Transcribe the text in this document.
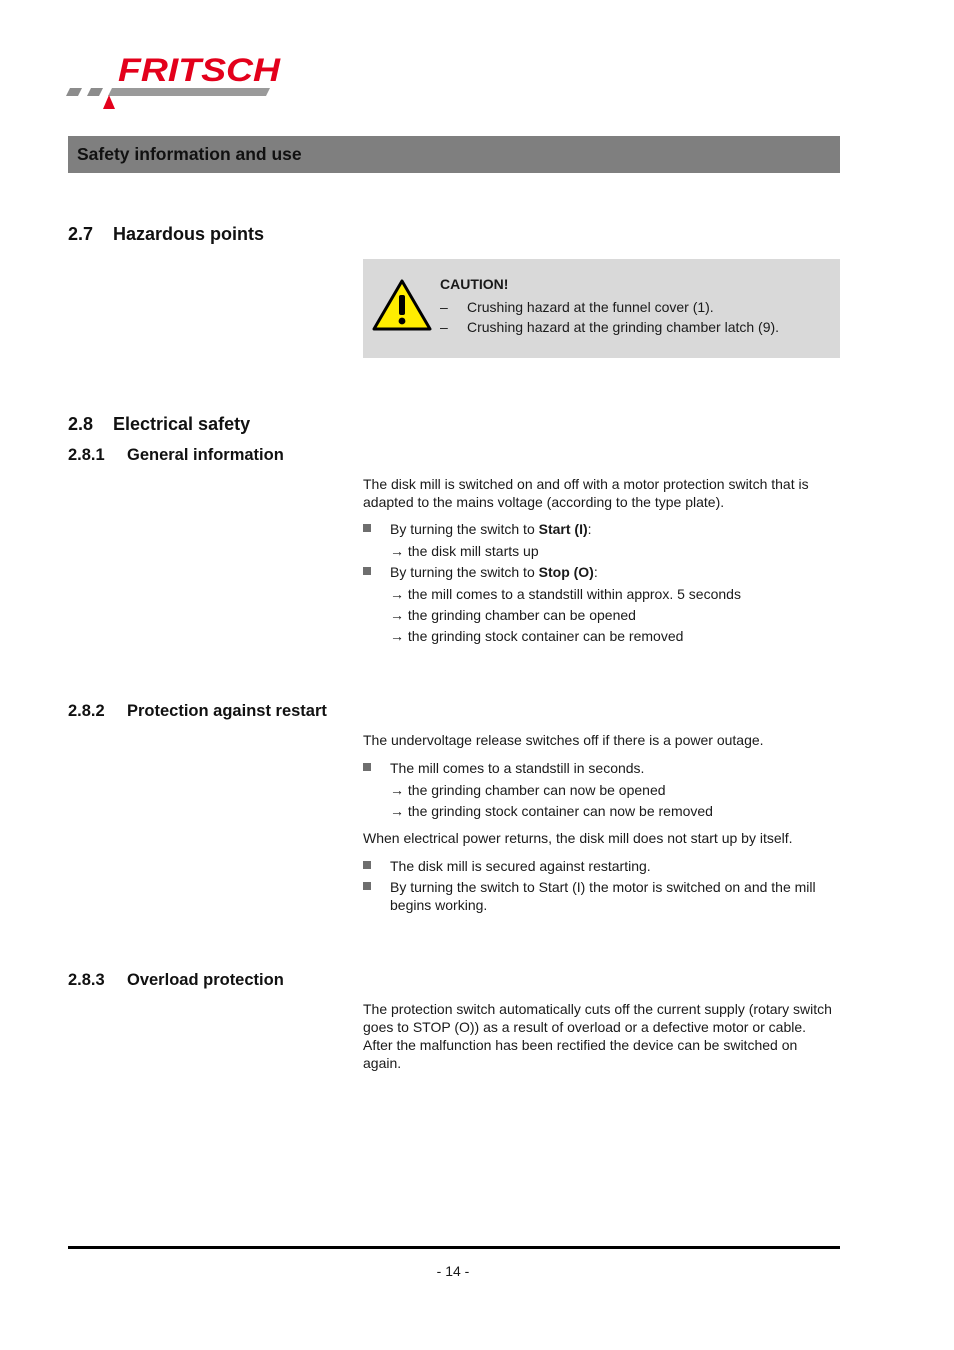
FRITSCH
Safety information and use
2.7 Hazardous points
CAUTION!
– Crushing hazard at the funnel cover (1).
– Crushing hazard at the grinding chamber latch (9).
2.8 Electrical safety
2.8.1 General information
The disk mill is switched on and off with a motor protection switch that is adapted to the mains voltage (according to the type plate).
By turning the switch to Start (I):
→ the disk mill starts up
By turning the switch to Stop (O):
→ the mill comes to a standstill within approx. 5 seconds
→ the grinding chamber can be opened
→ the grinding stock container can be removed
2.8.2 Protection against restart
The undervoltage release switches off if there is a power outage.
The mill comes to a standstill in seconds.
→ the grinding chamber can now be opened
→ the grinding stock container can now be removed
When electrical power returns, the disk mill does not start up by itself.
The disk mill is secured against restarting.
By turning the switch to Start (I) the motor is switched on and the mill begins working.
2.8.3 Overload protection
The protection switch automatically cuts off the current supply (rotary switch goes to STOP (O)) as a result of overload or a defective motor or cable. After the malfunction has been rectified the device can be switched on again.
- 14 -
